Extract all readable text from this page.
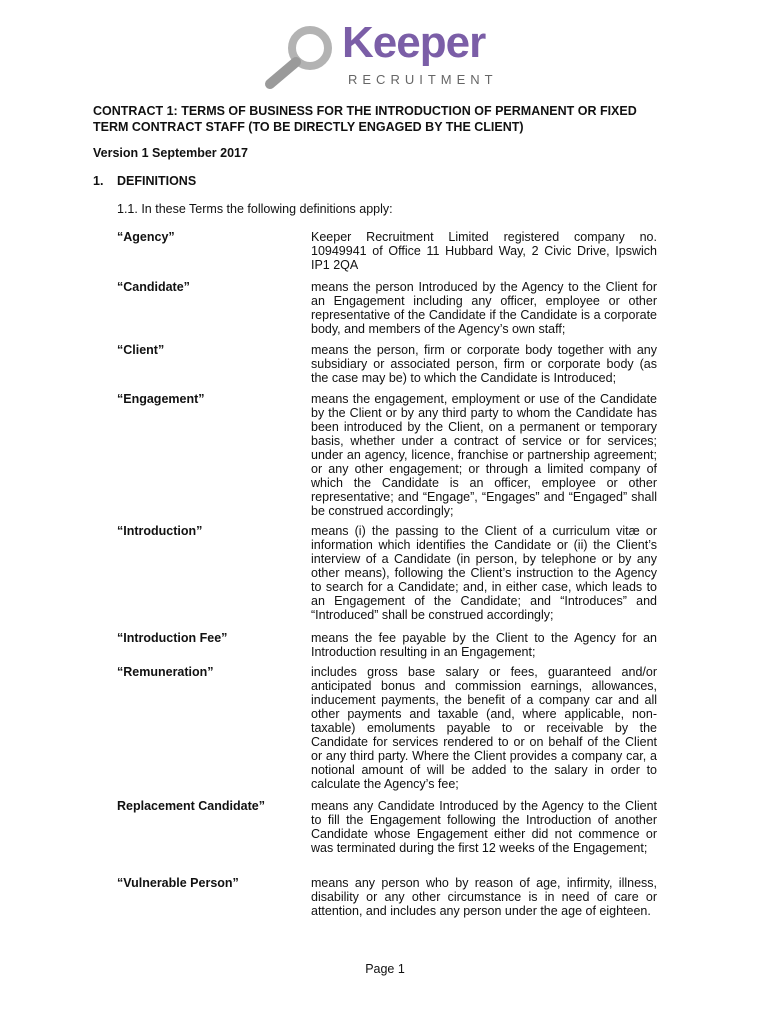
Keeper
RECRUITMENT
CONTRACT 1: TERMS OF BUSINESS FOR THE INTRODUCTION OF PERMANENT OR FIXED TERM CONTRACT STAFF (TO BE DIRECTLY ENGAGED BY THE CLIENT)
Version 1 September 2017
1. DEFINITIONS
1.1. In these Terms the following definitions apply:
“Agency”	Keeper Recruitment Limited registered company no. 10949941 of Office 11 Hubbard Way, 2 Civic Drive, Ipswich IP1 2QA
“Candidate”	means the person Introduced by the Agency to the Client for an Engagement including any officer, employee or other representative of the Candidate if the Candidate is a corporate body, and members of the Agency’s own staff;
“Client”	means the person, firm or corporate body together with any subsidiary or associated person, firm or corporate body (as the case may be) to which the Candidate is Introduced;
“Engagement”	means the engagement, employment or use of the Candidate by the Client or by any third party to whom the Candidate has been introduced by the Client, on a permanent or temporary basis, whether under a contract of service or for services; under an agency, licence, franchise or partnership agreement; or any other engagement; or through a limited company of which the Candidate is an officer, employee or other representative; and “Engage”, “Engages” and “Engaged” shall be construed accordingly;
“Introduction”	means (i) the passing to the Client of a curriculum vitæ or information which identifies the Candidate or (ii) the Client’s interview of a Candidate (in person, by telephone or by any other means), following the Client’s instruction to the Agency to search for a Candidate; and, in either case, which leads to an Engagement of the Candidate; and “Introduces” and “Introduced” shall be construed accordingly;
“Introduction Fee”	means the fee payable by the Client to the Agency for an Introduction resulting in an Engagement;
“Remuneration”	includes gross base salary or fees, guaranteed and/or anticipated bonus and commission earnings, allowances, inducement payments, the benefit of a company car and all other payments and taxable (and, where applicable, non-taxable) emoluments payable to or receivable by the Candidate for services rendered to or on behalf of the Client or any third party. Where the Client provides a company car, a notional amount of will be added to the salary in order to calculate the Agency’s fee;
Replacement Candidate”	means any Candidate Introduced by the Agency to the Client to fill the Engagement following the Introduction of another Candidate whose Engagement either did not commence or was terminated during the first 12 weeks of the Engagement;
“Vulnerable Person”	means any person who by reason of age, infirmity, illness, disability or any other circumstance is in need of care or attention, and includes any person under the age of eighteen.
Page 1
